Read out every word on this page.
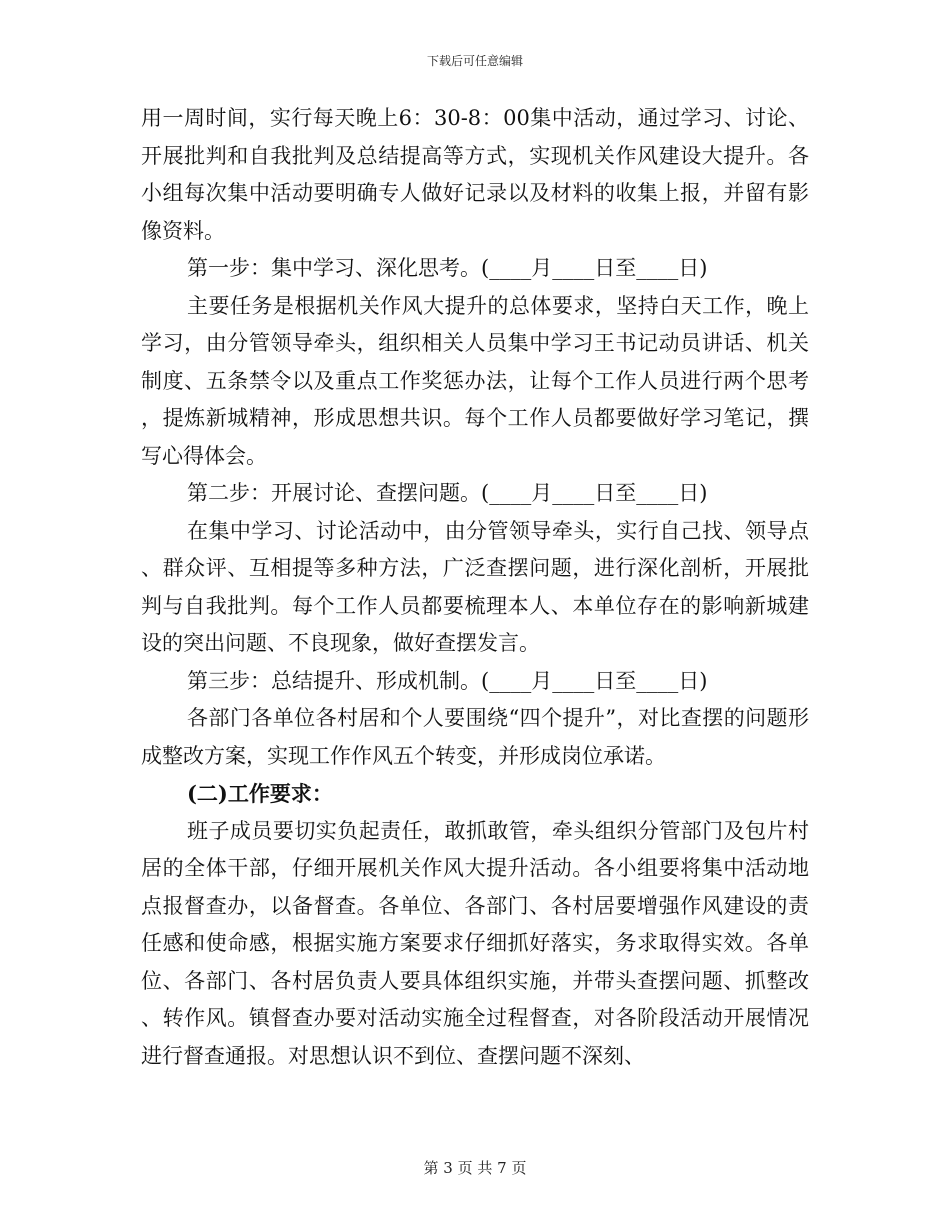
下载后可任意编辑

用一周时间，实行每天晚上6：30-8：00集中活动，通过学习、讨论、开展批判和自我批判及总结提高等方式，实现机关作风建设大提升。各小组每次集中活动要明确专人做好记录以及材料的收集上报，并留有影像资料。

第一步：集中学习、深化思考。(____月____日至____日)

主要任务是根据机关作风大提升的总体要求，坚持白天工作，晚上学习，由分管领导牵头，组织相关人员集中学习王书记动员讲话、机关制度、五条禁令以及重点工作奖惩办法，让每个工作人员进行两个思考，提炼新城精神，形成思想共识。每个工作人员都要做好学习笔记，撰写心得体会。

第二步：开展讨论、查摆问题。(____月____日至____日)

在集中学习、讨论活动中，由分管领导牵头，实行自己找、领导点、群众评、互相提等多种方法，广泛查摆问题，进行深化剖析，开展批判与自我批判。每个工作人员都要梳理本人、本单位存在的影响新城建设的突出问题、不良现象，做好查摆发言。

第三步：总结提升、形成机制。(____月____日至____日)

各部门各单位各村居和个人要围绕“四个提升”，对比查摆的问题形成整改方案，实现工作作风五个转变，并形成岗位承诺。

(二)工作要求：

班子成员要切实负起责任，敢抓敢管，牵头组织分管部门及包片村居的全体干部，仔细开展机关作风大提升活动。各小组要将集中活动地点报督查办，以备督查。各单位、各部门、各村居要增强作风建设的责任感和使命感，根据实施方案要求仔细抓好落实，务求取得实效。各单位、各部门、各村居负责人要具体组织实施，并带头查摆问题、抓整改、转作风。镇督查办要对活动实施全过程督查，对各阶段活动开展情况进行督查通报。对思想认识不到位、查摆问题不深刻、

第 3 页 共 7 页
